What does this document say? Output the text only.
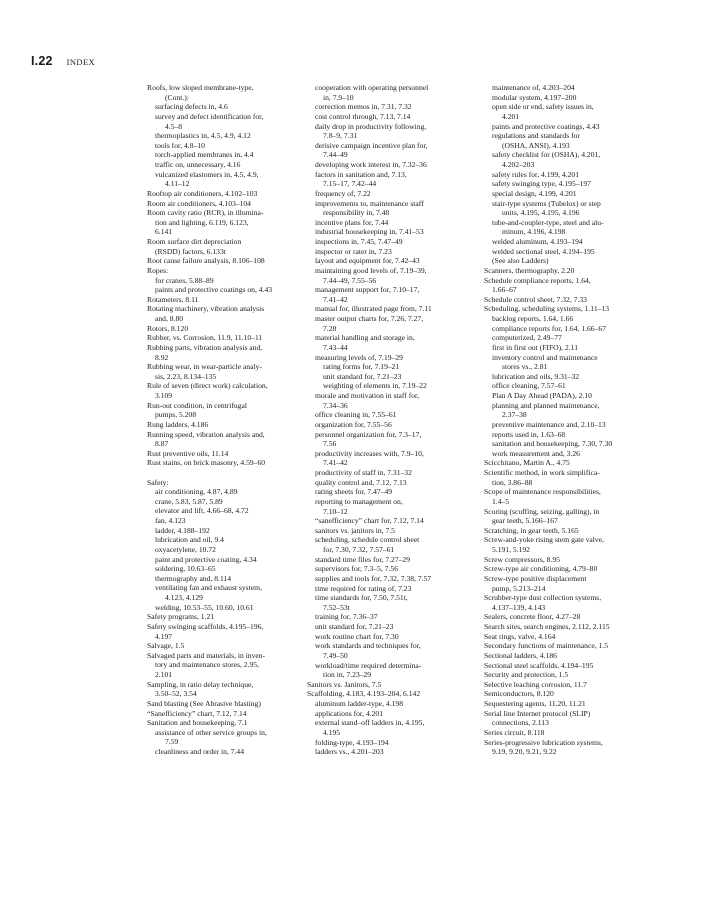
I.22 INDEX
Roofs, low sloped membrane-type,
(Cont.):
surfacing defects in, 4.6
survey and defect identification for,
4.5–8
thermoplastics in, 4.5, 4.9, 4.12
tools for, 4.8–10
torch-applied membranes in, 4.4
traffic on, unnecessary, 4.16
vulcanized elastomers in, 4.5, 4.9,
4.11–12
Rooftop air conditioners, 4.102–103
Room air conditioners, 4.103–104
Room cavity ratio (RCR), in illumina-
tion and lighting, 6.119, 6.123,
6.141
Room surface dirt depreciation
(RSDD) factors, 6.133t
Root cause failure analysis, 8.106–108
Ropes:
for cranes, 5.88–89
paints and protective coatings on, 4.43
Rotameters, 8.11
Rotating machinery, vibration analysis
and, 8.80
Rotors, 8.120
Rubber, vs. Corrosion, 11.9, 11.10–11
Rubbing parts, vibration analysis and,
8.92
Rubbing wear, in wear-particle analy-
sis, 2.23, 8.134–135
Rule of seven (direct work) calculation,
3.109
Run-out condition, in centrifugal
pumps, 5.208
Rung ladders, 4.186
Running speed, vibration analysis and,
8.87
Rust preventive oils, 11.14
Rust stains, on brick masonry, 4.59–60
Safety:
air conditioning, 4.87, 4.89
crane, 5.83, 5.87, 5.89
elevator and lift, 4.66–68, 4.72
fan, 4.123
ladder, 4.188–192
lubrication and oil, 9.4
oxyacetylene, 10.72
paint and protective coating, 4.34
soldering, 10.63–65
thermography and, 8.114
ventilating fan and exhaust system,
4.123, 4.129
welding, 10.53–55, 10.60, 10.61
Safety programs, 1.21
Safety swinging scaffolds, 4.195–196,
4.197
Salvage, 1.5
Salvaged parts and materials, in inven-
tory and maintenance stores, 2.95,
2.101
Sampling, in ratio delay technique,
3.50–52, 3.54
Sand blasting (See Abrasive blasting)
“Sanefficiency” chart, 7.12, 7.14
Sanitation and housekeeping, 7.1
assistance of other service groups in,
7.59
cleanliness and order in, 7.44
cooperation with operating personnel
in, 7.9–10
correction memos in, 7.31, 7.32
cost control through, 7.13, 7.14
daily drop in productivity following,
7.8–9, 7.31
derisive campaign incentive plan for,
7.44–49
developing work interest in, 7.32–36
factors in sanitation and, 7.13,
7.15–17, 7.42–44
frequency of, 7.22
improvements to, maintenance staff
responsibility in, 7.48
incentive plans for, 7.44
industrial housekeeping in, 7.41–53
inspections in, 7.45, 7.47–49
inspector or rater in, 7.23
layout and equipment for, 7.42–43
maintaining good levels of, 7.19–39,
7.44–49, 7.55–56
management support for, 7.10–17,
7.41–42
manual for, illustrated page from, 7.11
master output charts for, 7.26, 7.27,
7.28
material handling and storage in,
7.43–44
measuring levels of, 7.19–29
rating forms for, 7.19–21
unit standard for, 7.21–23
weighting of elements in, 7.19–22
morale and motivation in staff for,
7.34–36
office cleaning in, 7.55–61
organization for, 7.55–56
personnel organization for, 7.3–17,
7.56
productivity increases with, 7.9–10,
7.41–42
productivity of staff in, 7.31–32
quality control and, 7.12, 7.13
rating sheets for, 7.47–49
reporting to management on,
7.10–12
“sanefficiency” chart for, 7.12, 7.14
sanitors vs. janitors in, 7.5
scheduling, schedule control sheet
for, 7.30, 7.32, 7.57–61
standard time files for, 7.27–29
supervisors for, 7.3–5, 7.56
supplies and tools for, 7.32, 7.38, 7.57
time required for rating of, 7.23
time standards for, 7.50, 7.51t,
7.52–53t
training for, 7.36–37
unit standard for, 7.21–23
work routine chart for, 7.30
work standards and techniques for,
7.49–50
workload/time required determina-
tion in, 7.23–29
Sanitors vs. Janitors, 7.5
Scaffolding, 4.183, 4.193–204, 6.142
aluminum ladder-type, 4.198
applications for, 4.201
external stand–off ladders in, 4.195,
4.195
folding-type, 4.193–194
ladders vs., 4.201–203
maintenance of, 4.203–204
modular system, 4.197–200
open side or end, safety issues in,
4.201
paints and protective coatings, 4.43
regulations and standards for
(OSHA, ANSI), 4.193
safety checklist for (OSHA), 4.201,
4.202–203
safety rules for, 4.199, 4.201
safety swinging type, 4.195–197
special design, 4.199, 4.201
stair-type systems (Tubelox) or step
units, 4.195, 4.195, 4.196
tube-and-coupler-type, steel and alu-
minum, 4.196, 4.198
welded aluminum, 4.193–194
welded sectional steel, 4.194–195
(See also Ladders)
Scanners, thermography, 2.20
Schedule compliance reports, 1.64,
1.66–67
Schedule control sheet, 7.32, 7.33
Scheduling, scheduling systems, 1.11–13
backlog reports, 1.64, 1.66
compliance reports for, 1.64, 1.66–67
computerized, 2.49–77
first in first out (FIFO), 2.11
inventory control and maintenance
stores vs., 2.81
lubrication and oils, 9.31–32
office cleaning, 7.57–61
Plan A Day Ahead (PADA), 2.10
planning and planned maintenance,
2.37–38
preventive maintenance and, 2.10–13
reports used in, 1.63–68
sanitation and housekeeping, 7.30, 7.30
work measurement and, 3.26
Scicchitano, Martin A., 4.75
Scientific method, in work simplifica-
tion, 3.86–88
Scope of maintenance responsibilities,
1.4–5
Scoring (scuffing, seizing, galling), in
gear teeth, 5.166–167
Scratching, in gear teeth, 5.165
Screw-and-yoke rising stem gate valve,
5.191, 5.192
Screw compressors, 8.95
Screw-type air conditioning, 4.79–80
Screw-type positive displacement
pump, 5.213–214
Scrubber-type dust collection systems,
4.137–139, 4.143
Sealers, concrete floor, 4.27–28
Search sites, search engines, 2.112, 2.115
Seat rings, valve, 4.164
Secondary functions of maintenance, 1.5
Sectional ladders, 4.186
Sectional steel scaffolds, 4.194–195
Security and protection, 1.5
Selective leaching corrosion, 11.7
Semiconductors, 8.120
Sequestering agents, 11.20, 11.21
Serial line Internet protocol (SLIP)
connections, 2.113
Series circuit, 8.118
Series-progressive lubrication systems,
9.19, 9.20, 9.21, 9.22
